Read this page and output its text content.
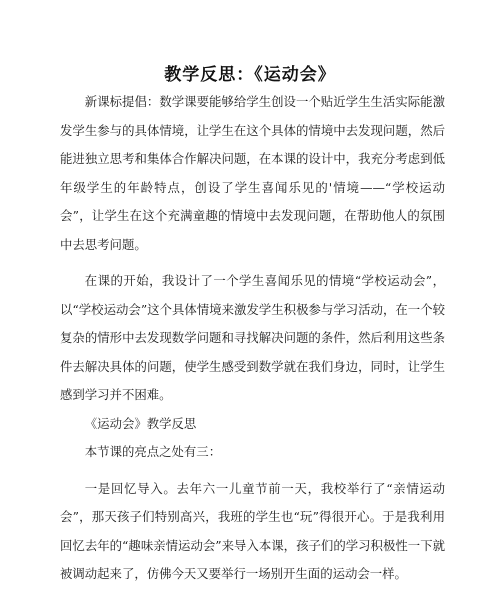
教学反思：《运动会》

新课标提倡：数学课要能够给学生创设一个贴近学生生活实际能激发学生参与的具体情境，让学生在这个具体的情境中去发现问题，然后能进独立思考和集体合作解决问题，在本课的设计中，我充分考虑到低年级学生的年龄特点，创设了学生喜闻乐见的'情境——“学校运动会”，让学生在这个充满童趣的情境中去发现问题，在帮助他人的氛围中去思考问题。

在课的开始，我设计了一个学生喜闻乐见的情境“学校运动会”，以“学校运动会”这个具体情境来激发学生积极参与学习活动，在一个较复杂的情形中去发现数学问题和寻找解决问题的条件，然后利用这些条件去解决具体的问题，使学生感受到数学就在我们身边，同时，让学生感到学习并不困难。

《运动会》教学反思

本节课的亮点之处有三：

一是回忆导入。去年六一儿童节前一天，我校举行了“亲情运动会”，那天孩子们特别高兴，我班的学生也“玩”得很开心。于是我利用回忆去年的“趣味亲情运动会”来导入本课，孩子们的学习积极性一下就被调动起来了，仿佛今天又要举行一场别开生面的运动会一样。
